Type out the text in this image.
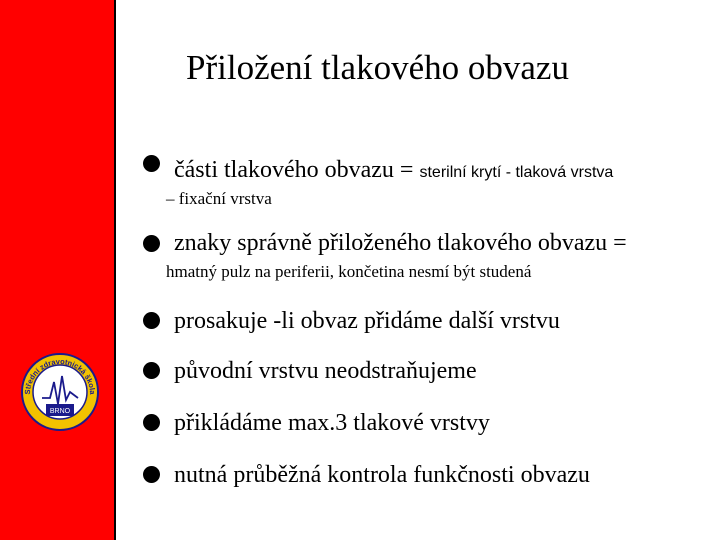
Střední zdravotnická škola
BRNO
Přiložení tlakového obvazu
části tlakového obvazu = sterilní krytí - tlaková vrstva
– fixační vrstva
znaky správně přiloženého tlakového obvazu =
hmatný pulz na periferii, končetina nesmí být studená
prosakuje -li obvaz přidáme další vrstvu
původní vrstvu neodstraňujeme
přikládáme max.3 tlakové vrstvy
nutná průběžná kontrola funkčnosti obvazu
